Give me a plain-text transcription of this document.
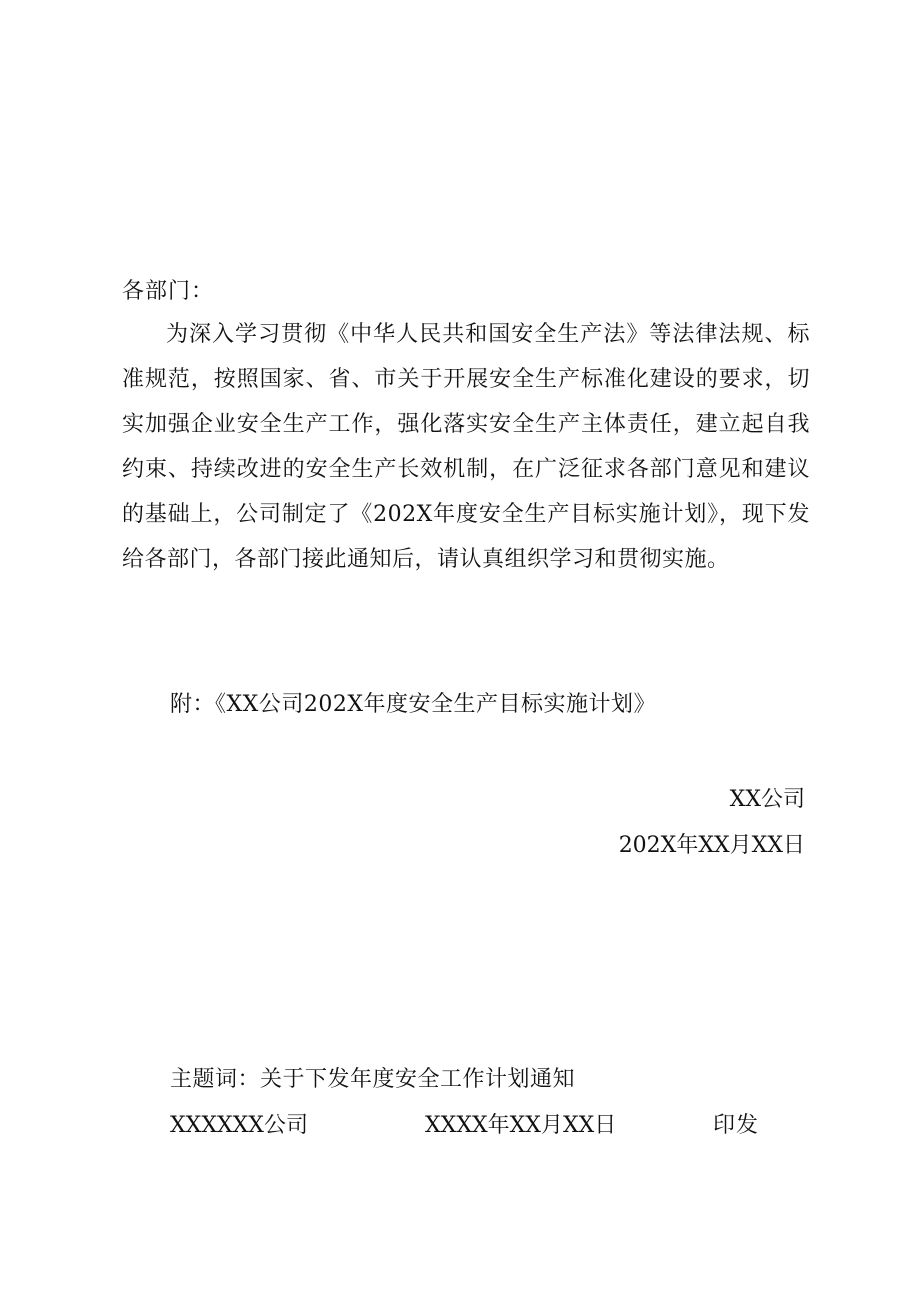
各部门：
为深入学习贯彻《中华人民共和国安全生产法》等法律法规、标准规范，按照国家、省、市关于开展安全生产标准化建设的要求，切实加强企业安全生产工作，强化落实安全生产主体责任，建立起自我约束、持续改进的安全生产长效机制，在广泛征求各部门意见和建议的基础上，公司制定了《202X年度安全生产目标实施计划》，现下发给各部门，各部门接此通知后，请认真组织学习和贯彻实施。
附：《XX公司202X年度安全生产目标实施计划》
XX公司
202X年XX月XX日
主题词：关于下发年度安全工作计划通知
XXXXXX公司	XXXX年XX月XX日	印发
